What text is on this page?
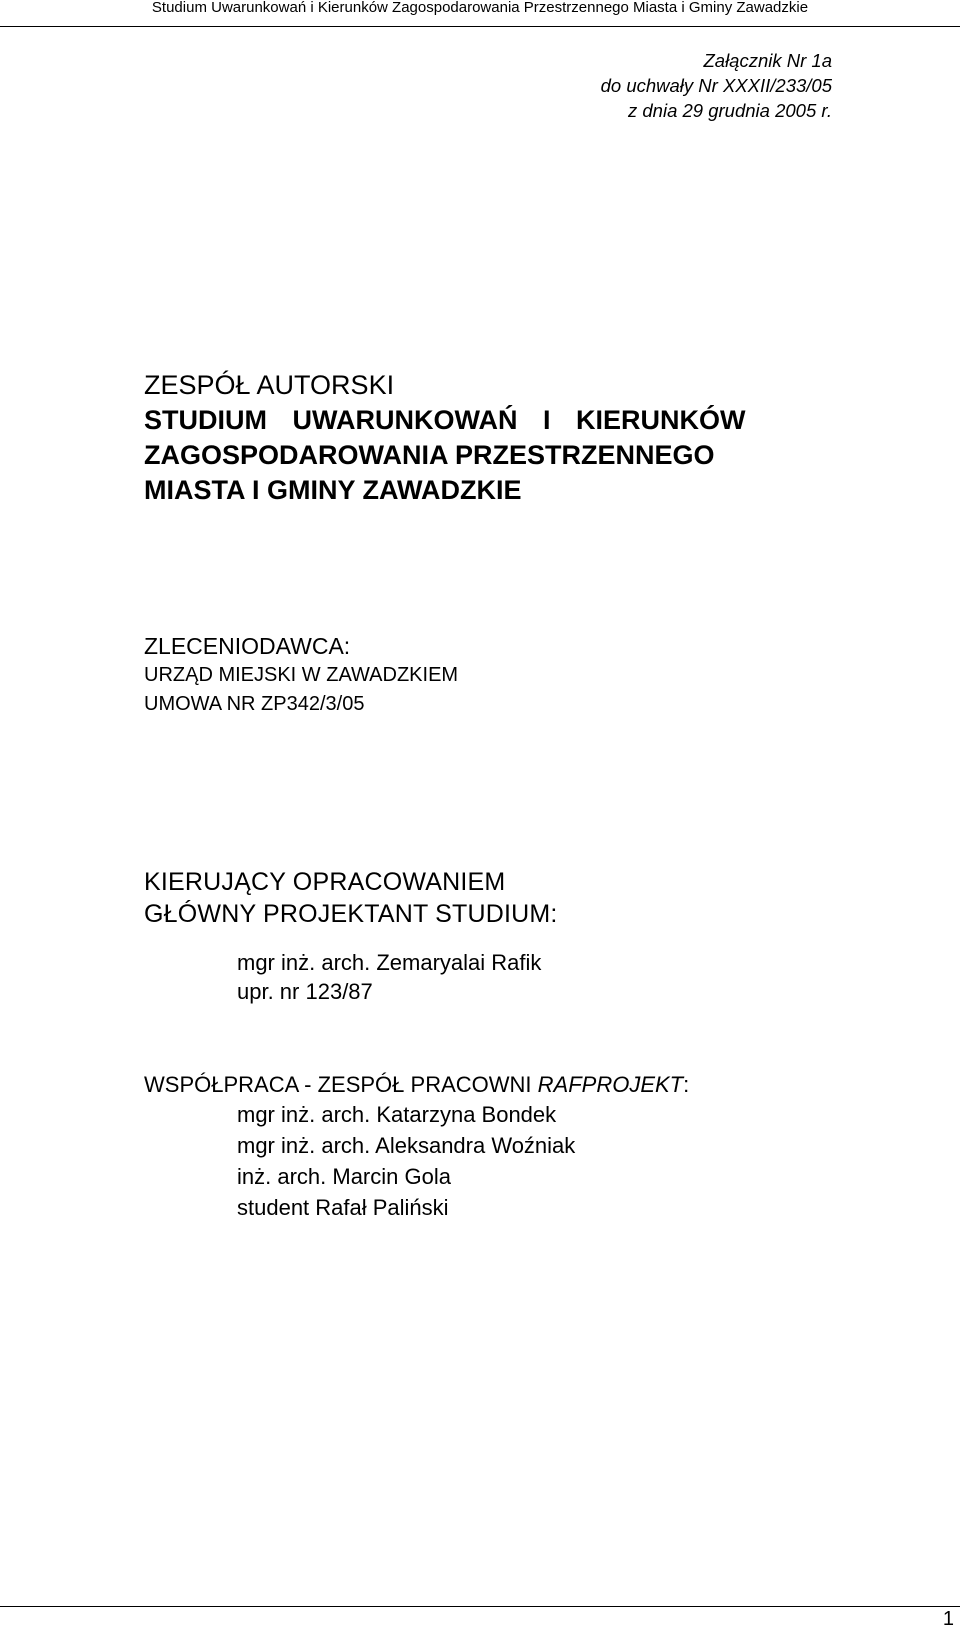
Studium Uwarunkowań i Kierunków Zagospodarowania Przestrzennego Miasta i Gminy Zawadzkie
Załącznik Nr 1a
do uchwały Nr XXXII/233/05
z dnia 29 grudnia 2005 r.
ZESPÓŁ AUTORSKI
STUDIUM UWARUNKOWAŃ I KIERUNKÓW
ZAGOSPODAROWANIA PRZESTRZENNEGO
MIASTA I GMINY ZAWADZKIE
ZLECENIODAWCA:
URZĄD MIEJSKI W ZAWADZKIEM
UMOWA NR ZP342/3/05
KIERUJĄCY OPRACOWANIEM
GŁÓWNY PROJEKTANT STUDIUM:
mgr inż. arch. Zemaryalai Rafik
upr. nr 123/87
WSPÓŁPRACA - ZESPÓŁ PRACOWNI RAFPROJEKT:
mgr inż. arch. Katarzyna Bondek
mgr inż. arch. Aleksandra Woźniak
inż. arch. Marcin Gola
student Rafał Paliński
1
